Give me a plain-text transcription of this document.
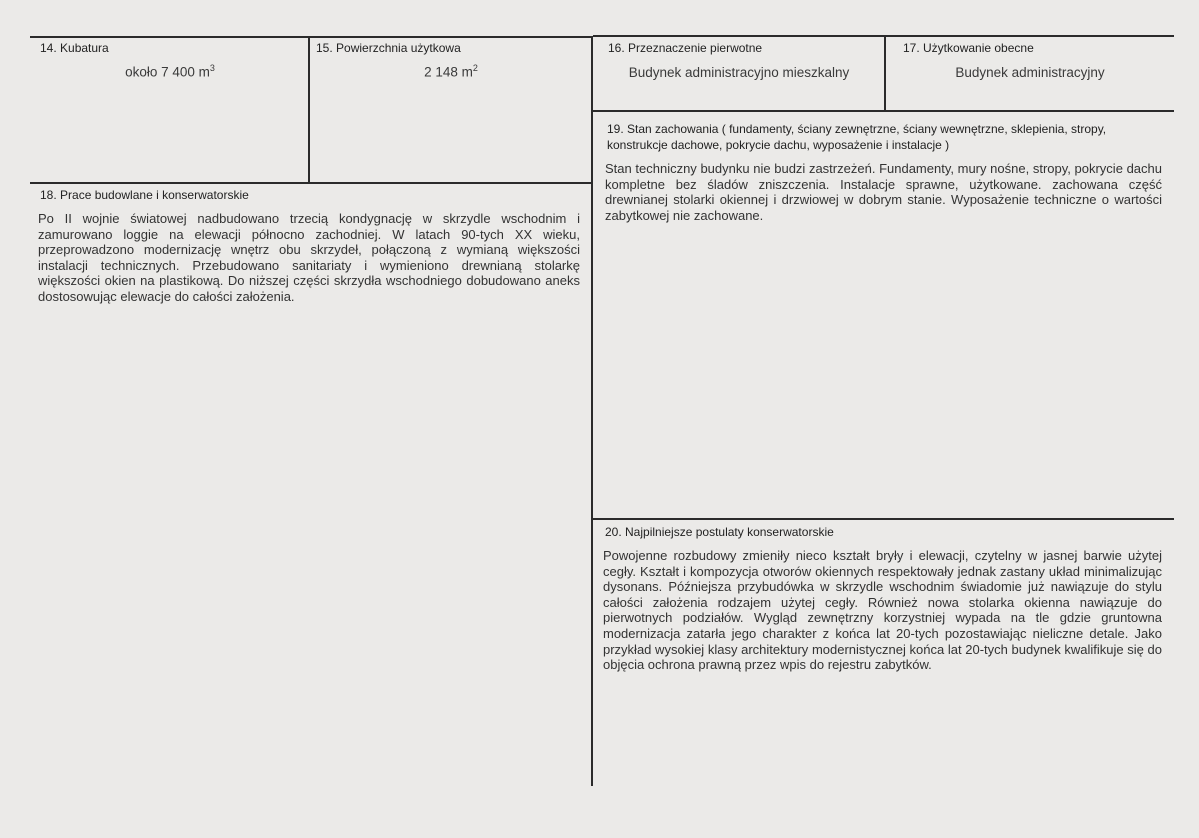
14. Kubatura
około 7 400 $m^3$
15. Powierzchnia użytkowa
2 148 $m^2$
16. Przeznaczenie pierwotne
Budynek administracyjno mieszkalny
17. Użytkowanie obecne
Budynek administracyjny
18. Prace budowlane i konserwatorskie
Po II wojnie światowej nadbudowano trzecią kondygnację w skrzydle wschodnim i zamurowano loggie na elewacji północno zachodniej. W latach 90-tych XX wieku, przeprowadzono modernizację wnętrz obu skrzydeł, połączoną z wymianą większości instalacji technicznych. Przebudowano sanitariaty i wymieniono drewnianą stolarkę większości okien na plastikową. Do niższej części skrzydła wschodniego dobudowano aneks dostosowując elewacje do całości założenia.
19. Stan zachowania ( fundamenty, ściany zewnętrzne, ściany wewnętrzne, sklepienia, stropy, konstrukcje dachowe, pokrycie dachu, wyposażenie i instalacje )
Stan techniczny budynku nie budzi zastrzeżeń. Fundamenty, mury nośne, stropy, pokrycie dachu kompletne bez śladów zniszczenia. Instalacje sprawne, użytkowane. zachowana część drewnianej stolarki okiennej i drzwiowej w dobrym stanie. Wyposażenie techniczne o wartości zabytkowej nie zachowane.
20. Najpilniejsze postulaty konserwatorskie
Powojenne rozbudowy zmieniły nieco kształt bryły i elewacji, czytelny w jasnej barwie użytej cegły. Kształt i kompozycja otworów okiennych respektowały jednak zastany układ minimalizując dysonans. Późniejsza przybudówka w skrzydle wschodnim świadomie już nawiązuje do stylu całości założenia rodzajem użytej cegły. Również nowa stolarka okienna nawiązuje do pierwotnych podziałów. Wygląd zewnętrzny korzystniej wypada na tle gdzie gruntowna modernizacja zatarła jego charakter z końca lat 20-tych pozostawiając nieliczne detale. Jako przykład wysokiej klasy architektury modernistycznej końca lat 20-tych budynek kwalifikuje się do objęcia ochrona prawną przez wpis do rejestru zabytków.
